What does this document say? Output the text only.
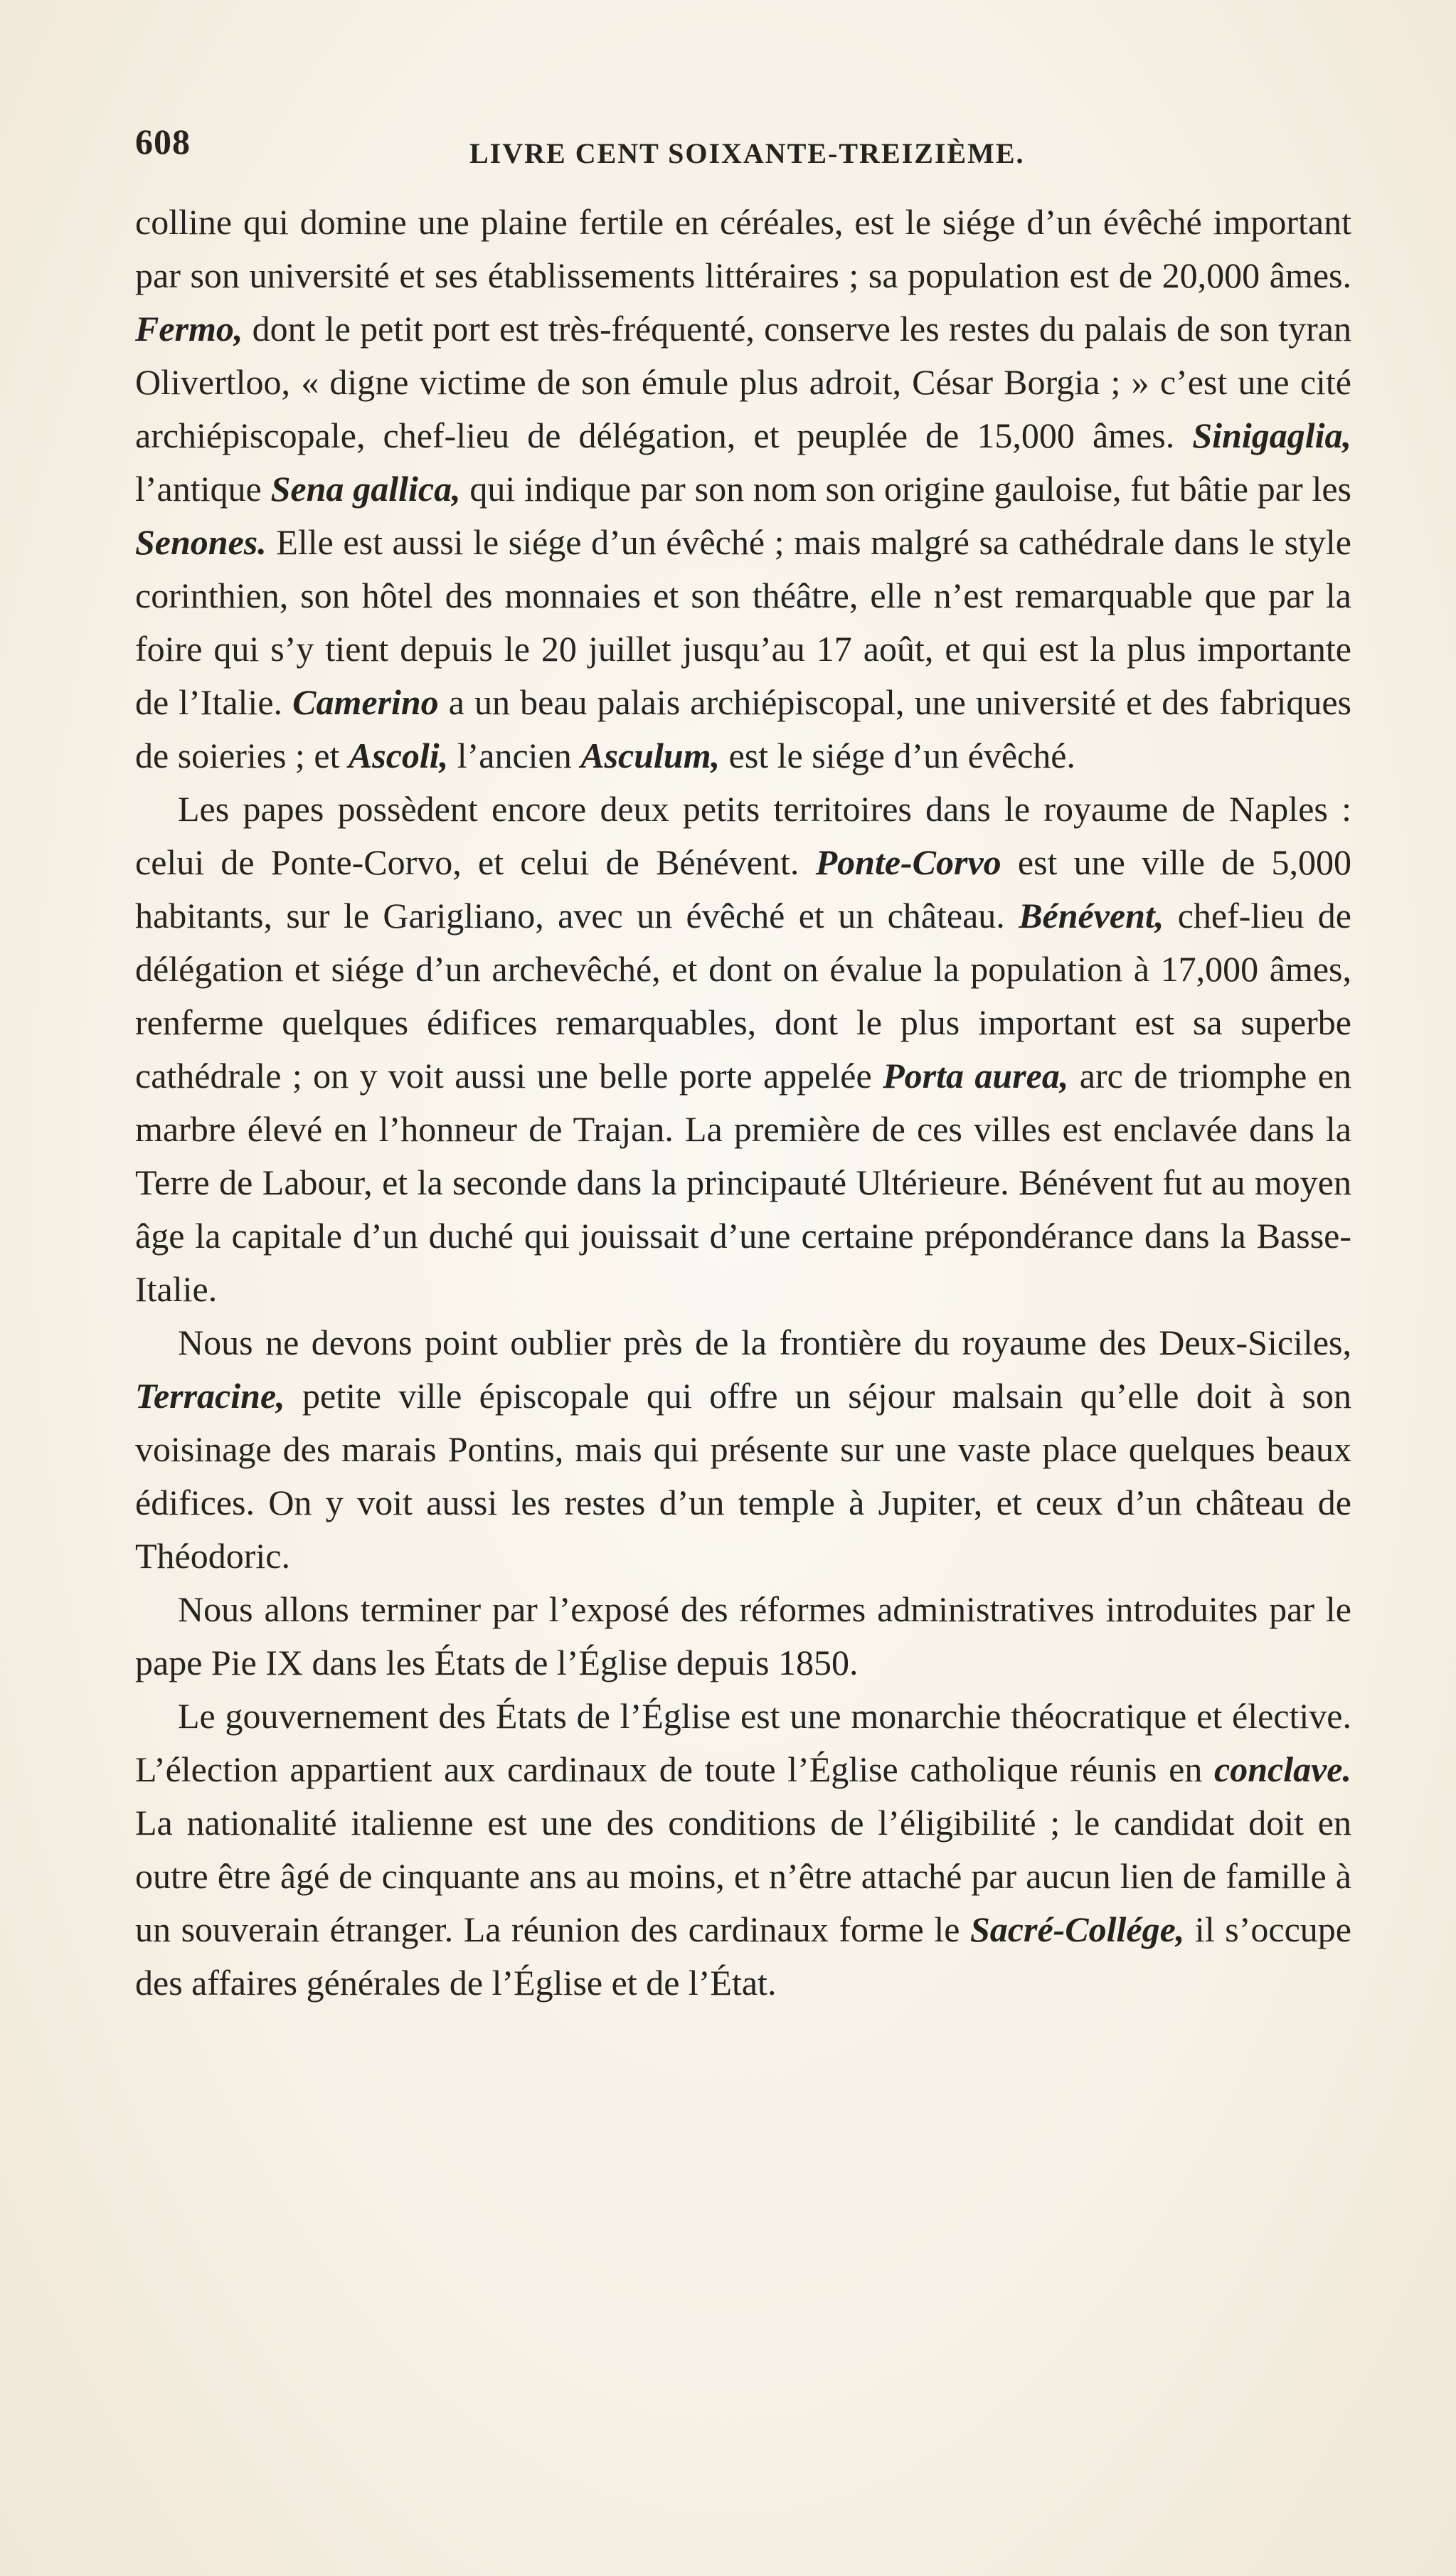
608	LIVRE CENT SOIXANTE-TREIZIÈME.

colline qui domine une plaine fertile en céréales, est le siége d’un évêché important par son université et ses établissements littéraires ; sa population est de 20,000 âmes. Fermo, dont le petit port est très-fréquenté, conserve les restes du palais de son tyran Olivertloo, « digne victime de son émule plus adroit, César Borgia ; » c’est une cité archiépiscopale, chef-lieu de délégation, et peuplée de 15,000 âmes. Sinigaglia, l’antique Sena gallica, qui indique par son nom son origine gauloise, fut bâtie par les Senones. Elle est aussi le siége d’un évêché ; mais malgré sa cathédrale dans le style corinthien, son hôtel des monnaies et son théâtre, elle n’est remarquable que par la foire qui s’y tient depuis le 20 juillet jusqu’au 17 août, et qui est la plus importante de l’Italie. Camerino a un beau palais archiépiscopal, une université et des fabriques de soieries ; et Ascoli, l’ancien Asculum, est le siége d’un évêché.

Les papes possèdent encore deux petits territoires dans le royaume de Naples : celui de Ponte-Corvo, et celui de Bénévent. Ponte-Corvo est une ville de 5,000 habitants, sur le Garigliano, avec un évêché et un château. Bénévent, chef-lieu de délégation et siége d’un archevêché, et dont on évalue la population à 17,000 âmes, renferme quelques édifices remarquables, dont le plus important est sa superbe cathédrale ; on y voit aussi une belle porte appelée Porta aurea, arc de triomphe en marbre élevé en l’honneur de Trajan. La première de ces villes est enclavée dans la Terre de Labour, et la seconde dans la principauté Ultérieure. Bénévent fut au moyen âge la capitale d’un duché qui jouissait d’une certaine prépondérance dans la Basse-Italie.

Nous ne devons point oublier près de la frontière du royaume des Deux-Siciles, Terracine, petite ville épiscopale qui offre un séjour malsain qu’elle doit à son voisinage des marais Pontins, mais qui présente sur une vaste place quelques beaux édifices. On y voit aussi les restes d’un temple à Jupiter, et ceux d’un château de Théodoric.

Nous allons terminer par l’exposé des réformes administratives introduites par le pape Pie IX dans les États de l’Église depuis 1850.

Le gouvernement des États de l’Église est une monarchie théocratique et élective. L’élection appartient aux cardinaux de toute l’Église catholique réunis en conclave. La nationalité italienne est une des conditions de l’éligibilité ; le candidat doit en outre être âgé de cinquante ans au moins, et n’être attaché par aucun lien de famille à un souverain étranger. La réunion des cardinaux forme le Sacré-Collége, il s’occupe des affaires générales de l’Église et de l’État.
